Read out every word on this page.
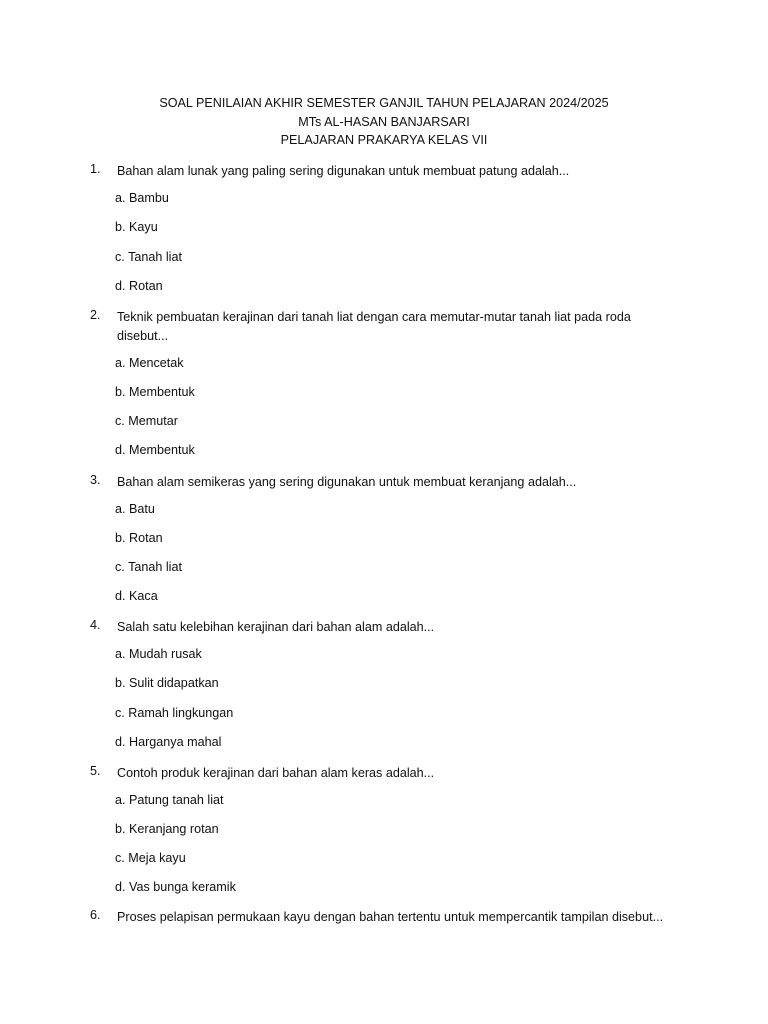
SOAL PENILAIAN AKHIR SEMESTER GANJIL TAHUN PELAJARAN 2024/2025
MTs AL-HASAN BANJARSARI
PELAJARAN PRAKARYA KELAS VII
1. Bahan alam lunak yang paling sering digunakan untuk membuat patung adalah...
a. Bambu
b. Kayu
c. Tanah liat
d. Rotan
2. Teknik pembuatan kerajinan dari tanah liat dengan cara memutar-mutar tanah liat pada roda disebut...
a. Mencetak
b. Membentuk
c. Memutar
d. Membentuk
3. Bahan alam semikeras yang sering digunakan untuk membuat keranjang adalah...
a. Batu
b. Rotan
c. Tanah liat
d. Kaca
4. Salah satu kelebihan kerajinan dari bahan alam adalah...
a. Mudah rusak
b. Sulit didapatkan
c. Ramah lingkungan
d. Harganya mahal
5. Contoh produk kerajinan dari bahan alam keras adalah...
a. Patung tanah liat
b. Keranjang rotan
c. Meja kayu
d. Vas bunga keramik
6. Proses pelapisan permukaan kayu dengan bahan tertentu untuk mempercantik tampilan disebut...
